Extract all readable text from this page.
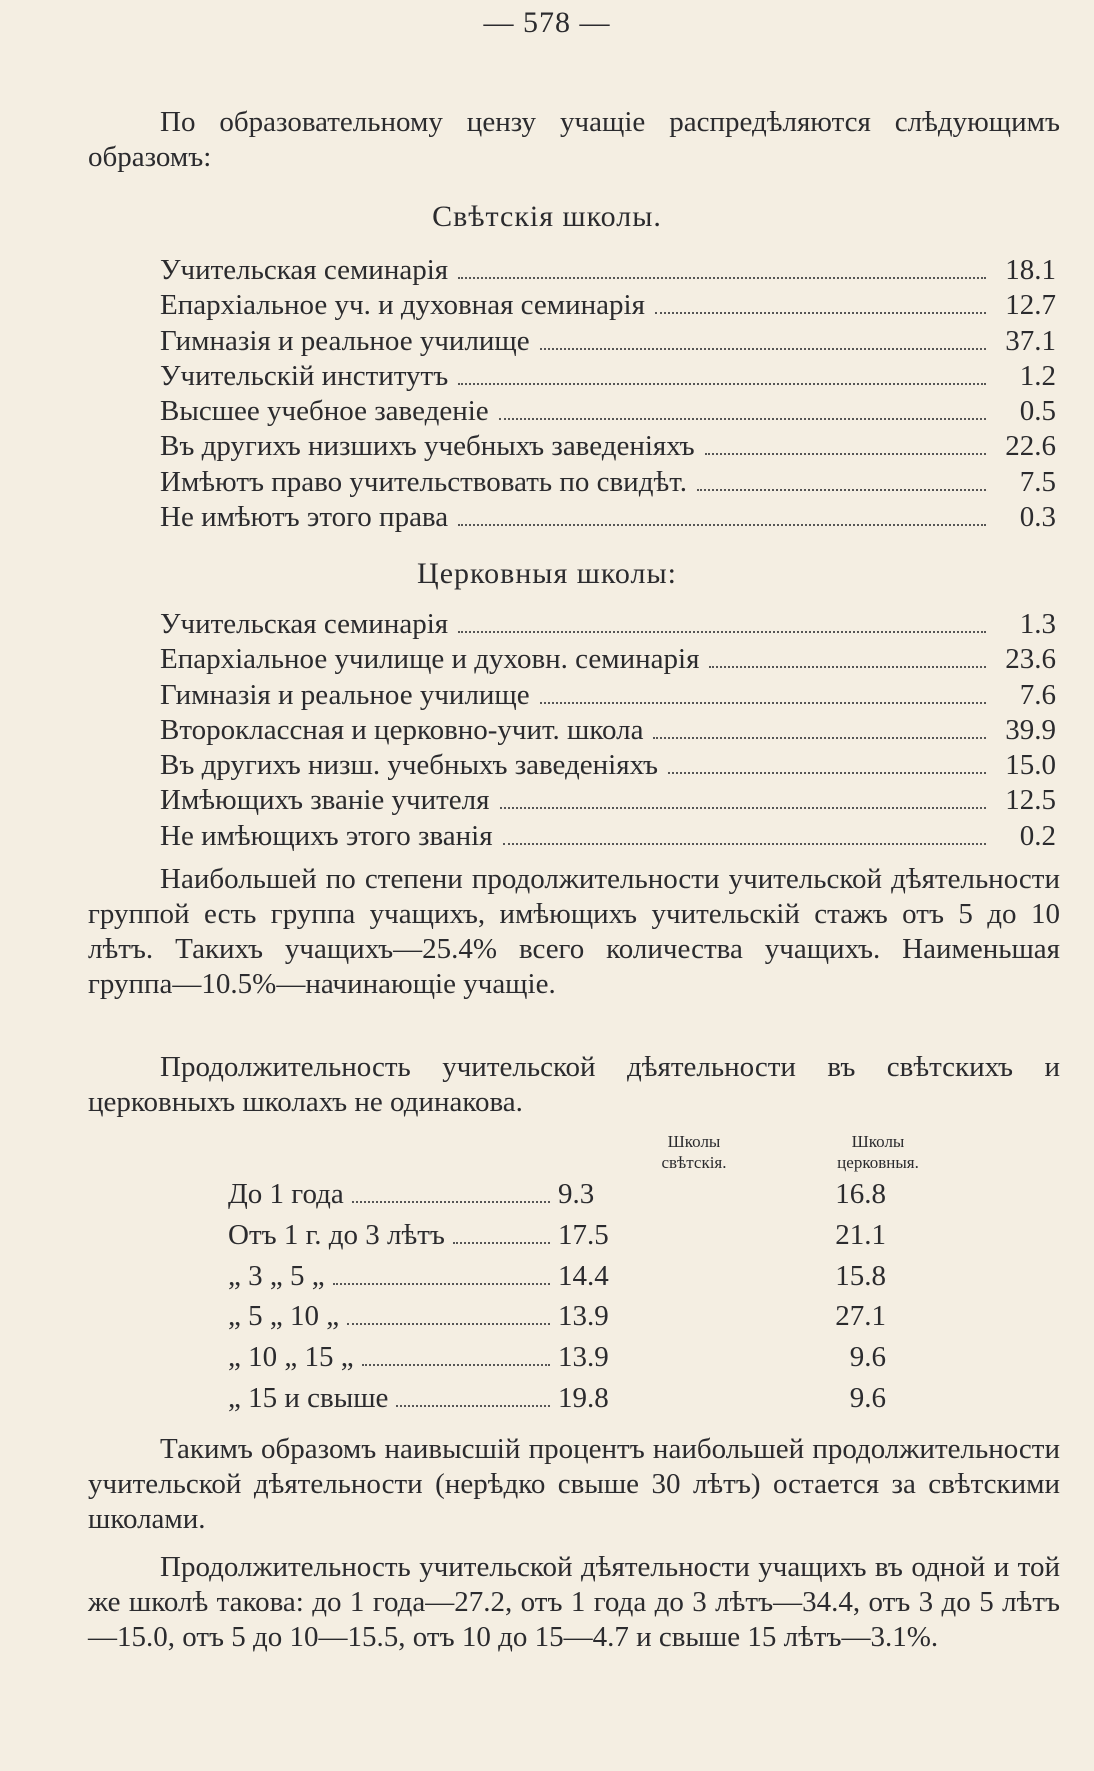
— 578 —

По образовательному цензу учащіе распредѣляются слѣдующимъ образомъ:

Свѣтскія школы.
Учительская семинарія	18.1
Епархіальное уч. и духовная семинарія	12.7
Гимназія и реальное училище	37.1
Учительскій институтъ	1.2
Высшее учебное заведеніе	0.5
Въ другихъ низшихъ учебныхъ заведеніяхъ	22.6
Имѣютъ право учительствовать по свидѣт.	7.5
Не имѣютъ этого права	0.3
Церковныя школы:
Учительская семинарія	1.3
Епархіальное училище и духовн. семинарія	23.6
Гимназія и реальное училище	7.6
Второклассная и церковно-учит. школа	39.9
Въ другихъ низш. учебныхъ заведеніяхъ	15.0
Имѣющихъ званіе учителя	12.5
Не имѣющихъ этого званія	0.2

Наибольшей по степени продолжительности учительской дѣятельности группой есть группа учащихъ, имѣющихъ учительскій стажъ отъ 5 до 10 лѣтъ. Такихъ учащихъ—25.4% всего количества учащихъ. Наименьшая группа—10.5%—начинающіе учащіе.

Продолжительность учительской дѣятельности въ свѣтскихъ и церковныхъ школахъ не одинакова.

Школы
свѣтскія.
Школы
церковныя.
До 1 года	9.3	16.8
Отъ 1 г. до 3 лѣтъ	17.5	21.1
„ 3 „ 5 „	14.4	15.8
„ 5 „ 10 „	13.9	27.1
„ 10 „ 15 „	13.9	9.6
„ 15 и свыше	19.8	9.6

Такимъ образомъ наивысшій процентъ наибольшей продолжительности учительской дѣятельности (нерѣдко свыше 30 лѣтъ) остается за свѣтскими школами.

Продолжительность учительской дѣятельности учащихъ въ одной и той же школѣ такова: до 1 года—27.2, отъ 1 года до 3 лѣтъ—34.4, отъ 3 до 5 лѣтъ—15.0, отъ 5 до 10—15.5, отъ 10 до 15—4.7 и свыше 15 лѣтъ—3.1%.
